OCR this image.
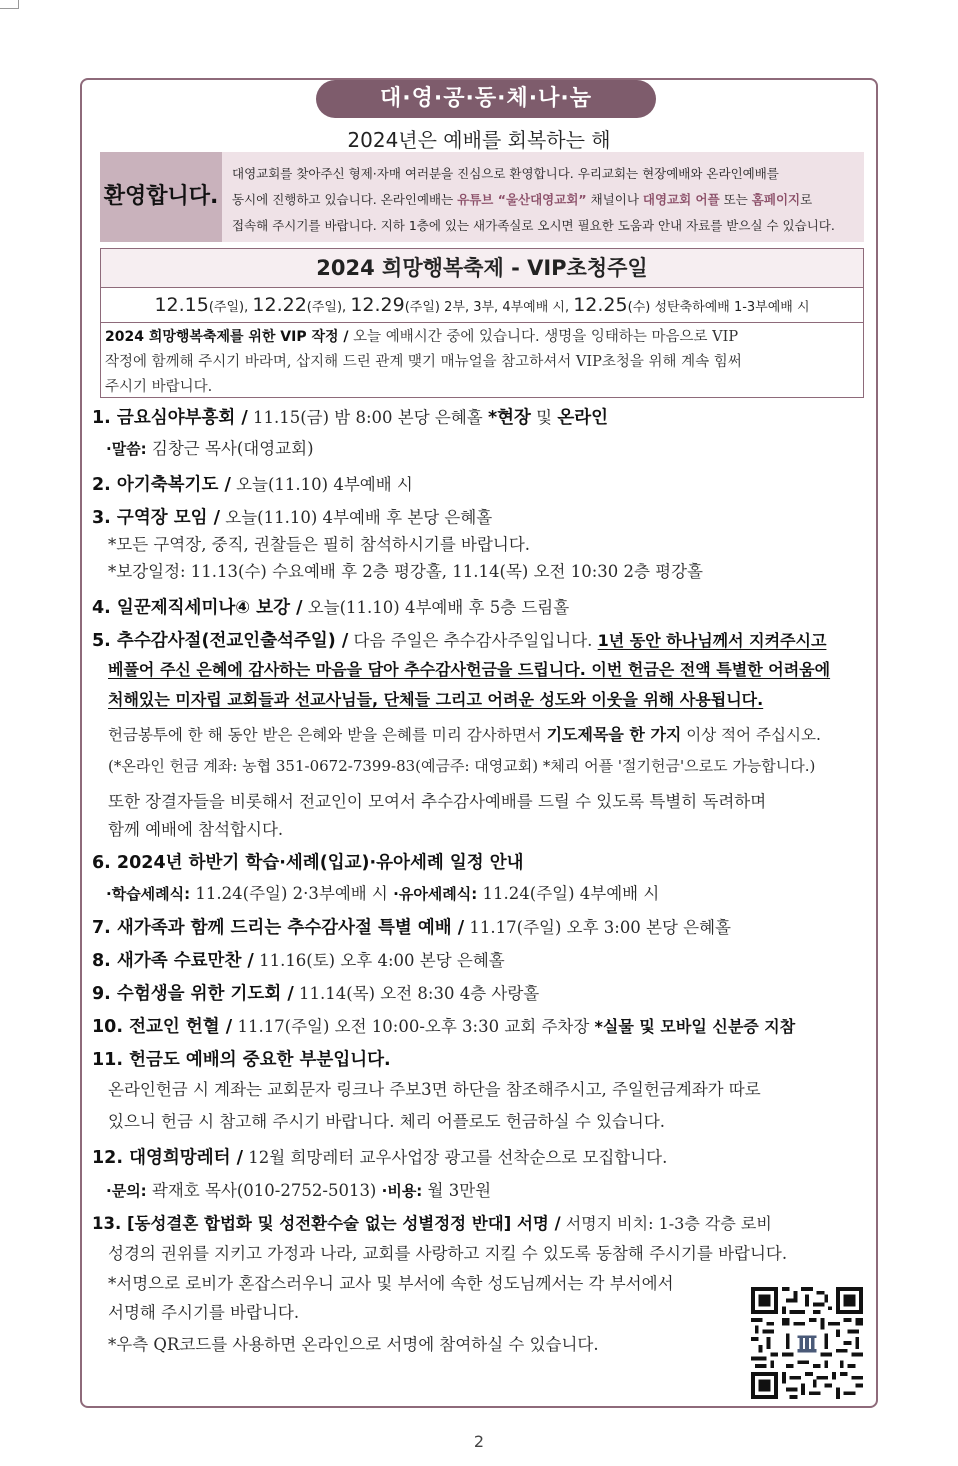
대·영·공·동·체·나·눔
2024년은 예배를 회복하는 해
환영합니다.
대영교회를 찾아주신 형제·자매 여러분을 진심으로 환영합니다. 우리교회는 현장예배와 온라인예배를
동시에 진행하고 있습니다. 온라인예배는 유튜브 “울산대영교회” 채널이나 대영교회 어플 또는 홈페이지로
접속해 주시기를 바랍니다. 지하 1층에 있는 새가족실로 오시면 필요한 도움과 안내 자료를 받으실 수 있습니다.
2024 희망행복축제 - VIP초청주일
12.15(주일), 12.22(주일), 12.29(주일) 2부, 3부, 4부예배 시, 12.25(수) 성탄축하예배 1-3부예배 시
2024 희망행복축제를 위한 VIP 작정 / 오늘 예배시간 중에 있습니다. 생명을 잉태하는 마음으로 VIP
작정에 함께해 주시기 바라며, 삽지해 드린 관계 맺기 매뉴얼을 참고하셔서 VIP초청을 위해 계속 힘써
주시기 바랍니다.
1. 금요심야부흥회 / 11.15(금) 밤 8:00 본당 은혜홀 *현장 및 온라인
·말씀: 김창근 목사(대영교회)
2. 아기축복기도 / 오늘(11.10) 4부예배 시
3. 구역장 모임 / 오늘(11.10) 4부예배 후 본당 은혜홀
*모든 구역장, 중직, 권찰들은 필히 참석하시기를 바랍니다.
*보강일정: 11.13(수) 수요예배 후 2층 평강홀, 11.14(목) 오전 10:30 2층 평강홀
4. 일꾼제직세미나④ 보강 / 오늘(11.10) 4부예배 후 5층 드림홀
5. 추수감사절(전교인출석주일) / 다음 주일은 추수감사주일입니다. 1년 동안 하나님께서 지켜주시고
베풀어 주신 은혜에 감사하는 마음을 담아 추수감사헌금을 드립니다. 이번 헌금은 전액 특별한 어려움에
처해있는 미자립 교회들과 선교사님들, 단체들 그리고 어려운 성도와 이웃을 위해 사용됩니다.
헌금봉투에 한 해 동안 받은 은혜와 받을 은혜를 미리 감사하면서 기도제목을 한 가지 이상 적어 주십시오.
(*온라인 헌금 계좌: 농협 351-0672-7399-83(예금주: 대영교회) *체리 어플 '절기헌금'으로도 가능합니다.)
또한 장결자들을 비롯해서 전교인이 모여서 추수감사예배를 드릴 수 있도록 특별히 독려하며
함께 예배에 참석합시다.
6. 2024년 하반기 학습·세례(입교)·유아세례 일정 안내
·학습세례식: 11.24(주일) 2·3부예배 시 ·유아세례식: 11.24(주일) 4부예배 시
7. 새가족과 함께 드리는 추수감사절 특별 예배 / 11.17(주일) 오후 3:00 본당 은혜홀
8. 새가족 수료만찬 / 11.16(토) 오후 4:00 본당 은혜홀
9. 수험생을 위한 기도회 / 11.14(목) 오전 8:30 4층 사랑홀
10. 전교인 헌혈 / 11.17(주일) 오전 10:00-오후 3:30 교회 주차장 *실물 및 모바일 신분증 지참
11. 헌금도 예배의 중요한 부분입니다.
온라인헌금 시 계좌는 교회문자 링크나 주보3면 하단을 참조해주시고, 주일헌금계좌가 따로
있으니 헌금 시 참고해 주시기 바랍니다. 체리 어플로도 헌금하실 수 있습니다.
12. 대영희망레터 / 12월 희망레터 교우사업장 광고를 선착순으로 모집합니다.
·문의: 곽재호 목사(010-2752-5013) ·비용: 월 3만원
13. [동성결혼 합법화 및 성전환수술 없는 성별정정 반대] 서명 / 서명지 비치: 1-3층 각층 로비
성경의 권위를 지키고 가정과 나라, 교회를 사랑하고 지킬 수 있도록 동참해 주시기를 바랍니다.
*서명으로 로비가 혼잡스러우니 교사 및 부서에 속한 성도님께서는 각 부서에서
서명해 주시기를 바랍니다.
*우측 QR코드를 사용하면 온라인으로 서명에 참여하실 수 있습니다.
2
